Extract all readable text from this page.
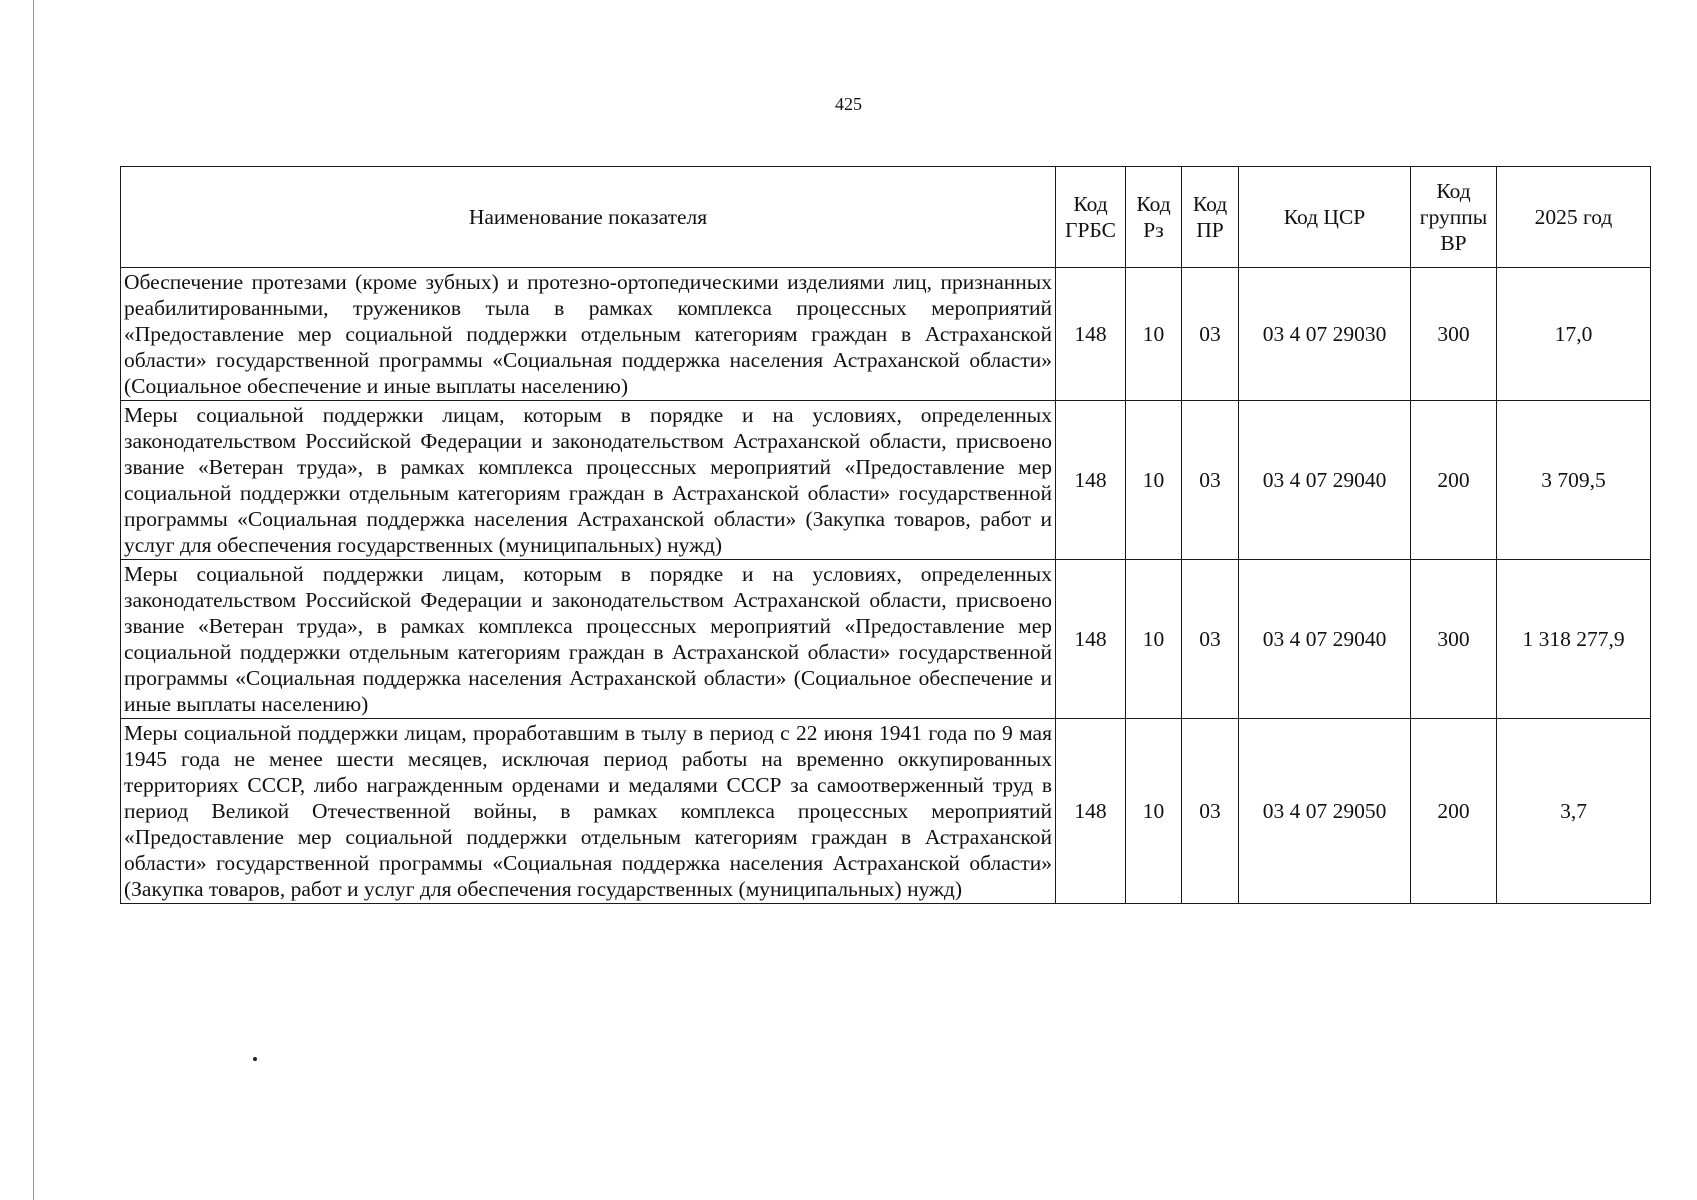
425
Наименование показателя	Код ГРБС	Код Рз	Код ПР	Код ЦСР	Код группы ВР	2025 год
Обеспечение протезами (кроме зубных) и протезно-ортопедическими изделиями лиц, признанных реабилитированными, тружеников тыла в рамках комплекса процессных мероприятий «Предоставление мер социальной поддержки отдельным категориям граждан в Астраханской области» государственной программы «Социальная поддержка населения Астраханской области» (Социальное обеспечение и иные выплаты населению)	148	10	03	03 4 07 29030	300	17,0
Меры социальной поддержки лицам, которым в порядке и на условиях, определенных законодательством Российской Федерации и законодательством Астраханской области, присвоено звание «Ветеран труда», в рамках комплекса процессных мероприятий «Предоставление мер социальной поддержки отдельным категориям граждан в Астраханской области» государственной программы «Социальная поддержка населения Астраханской области» (Закупка товаров, работ и услуг для обеспечения государственных (муниципальных) нужд)	148	10	03	03 4 07 29040	200	3 709,5
Меры социальной поддержки лицам, которым в порядке и на условиях, определенных законодательством Российской Федерации и законодательством Астраханской области, присвоено звание «Ветеран труда», в рамках комплекса процессных мероприятий «Предоставление мер социальной поддержки отдельным категориям граждан в Астраханской области» государственной программы «Социальная поддержка населения Астраханской области» (Социальное обеспечение и иные выплаты населению)	148	10	03	03 4 07 29040	300	1 318 277,9
Меры социальной поддержки лицам, проработавшим в тылу в период с 22 июня 1941 года по 9 мая 1945 года не менее шести месяцев, исключая период работы на временно оккупированных территориях СССР, либо награжденным орденами и медалями СССР за самоотверженный труд в период Великой Отечественной войны, в рамках комплекса процессных мероприятий «Предоставление мер социальной поддержки отдельным категориям граждан в Астраханской области» государственной программы «Социальная поддержка населения Астраханской области» (Закупка товаров, работ и услуг для обеспечения государственных (муниципальных) нужд)	148	10	03	03 4 07 29050	200	3,7
